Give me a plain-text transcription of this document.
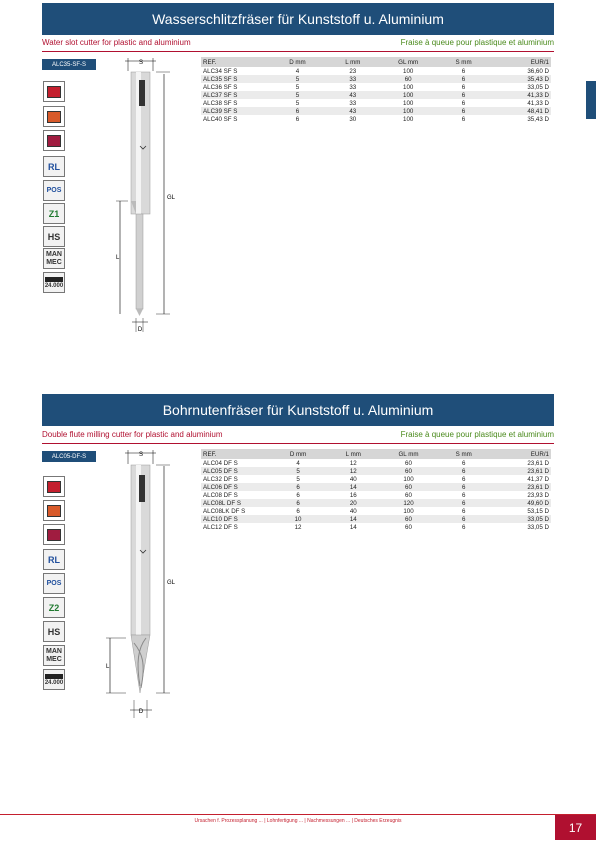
Wasserschlitzfräser für Kunststoff u. Aluminium
Water slot cutter for plastic and aluminium	Fraise à queue pour plastique et aluminium
ALC35-SF-S
RL
POS
Z1
HS
MAN
MEC
24.000
S
GL
L
D
REF.	D mm	L mm	GL mm	S mm	EUR/1
ALC34 SF S	4	23	100	6	36,60 D
ALC35 SF S	5	33	60	6	35,43 D
ALC36 SF S	5	33	100	6	33,05 D
ALC37 SF S	5	43	100	6	41,33 D
ALC38 SF S	5	33	100	6	41,33 D
ALC39 SF S	6	43	100	6	48,41 D
ALC40 SF S	6	30	100	6	35,43 D
Bohrnutenfräser für Kunststoff u. Aluminium
Double flute milling cutter for plastic and aluminium	Fraise à queue pour plastique et aluminium
ALC05-DF-S
RL
POS
Z2
HS
MAN
MEC
24.000
S
GL
L
D
REF.	D mm	L mm	GL mm	S mm	EUR/1
ALC04 DF S	4	12	60	6	23,61 D
ALC05 DF S	5	12	60	6	23,61 D
ALC32 DF S	5	40	100	6	41,37 D
ALC06 DF S	6	14	60	6	23,61 D
ALC08 DF S	6	16	60	6	23,93 D
ALC08L DF S	6	20	120	6	49,60 D
ALC08LK DF S	6	40	100	6	53,15 D
ALC10 DF S	10	14	60	6	33,05 D
ALC12 DF S	12	14	60	6	33,05 D
Ursachen f. Prozessplanung ... | Lohnfertigung ... | Nachmessungen ... | Deutsches Erzeugnis	17
